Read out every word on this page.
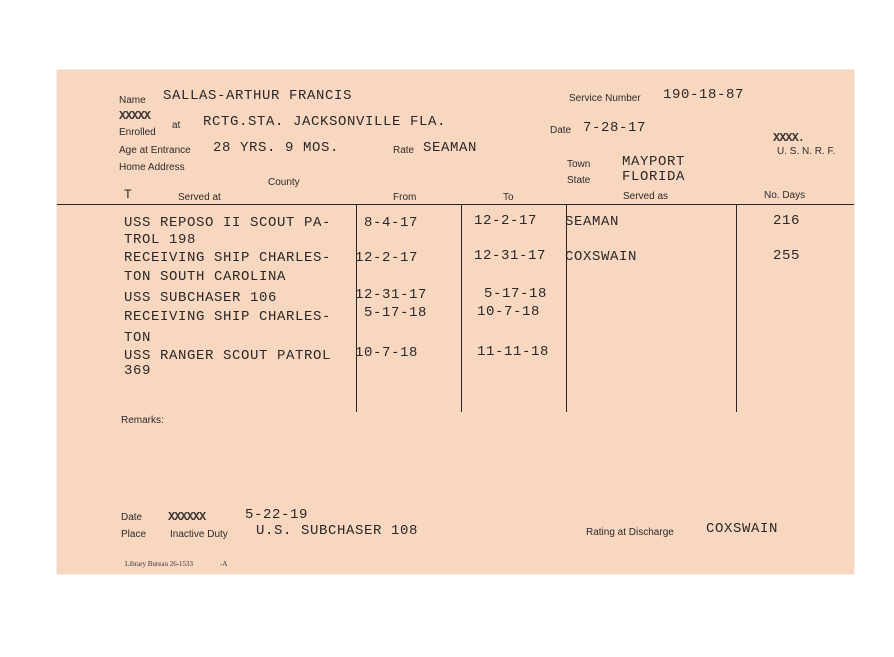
Name SALLAS-ARTHUR FRANCIS	Service Number 190-18-87
XXXXX
Enrolled
at RCTG.STA. JACKSONVILLE FLA.
Date 7-28-17
XXXX.
U. S. N. R. F.
Age at Entrance 28 YRS. 9 MOS.	Rate SEAMAN
Home Address	Town MAYPORT
County	State FLORIDA
T	Served at	From	To	Served as	No. Days
USS REPOSO II SCOUT PA-
TROL 198
8-4-17	12-2-17 SEAMAN	216
RECEIVING SHIP CHARLES-
TON SOUTH CAROLINA
12-2-17	12-31-17 COXSWAIN	255
USS SUBCHASER 106	12-31-17	5-17-18
RECEIVING SHIP CHARLES-
TON
5-17-18	10-7-18
USS RANGER SCOUT PATROL
369
10-7-18	11-11-18
Remarks:
Date XXXXXX	5-22-19
Place Inactive Duty U.S. SUBCHASER 108	Rating at Discharge COXSWAIN
Library Bureau 26-1533	-A
